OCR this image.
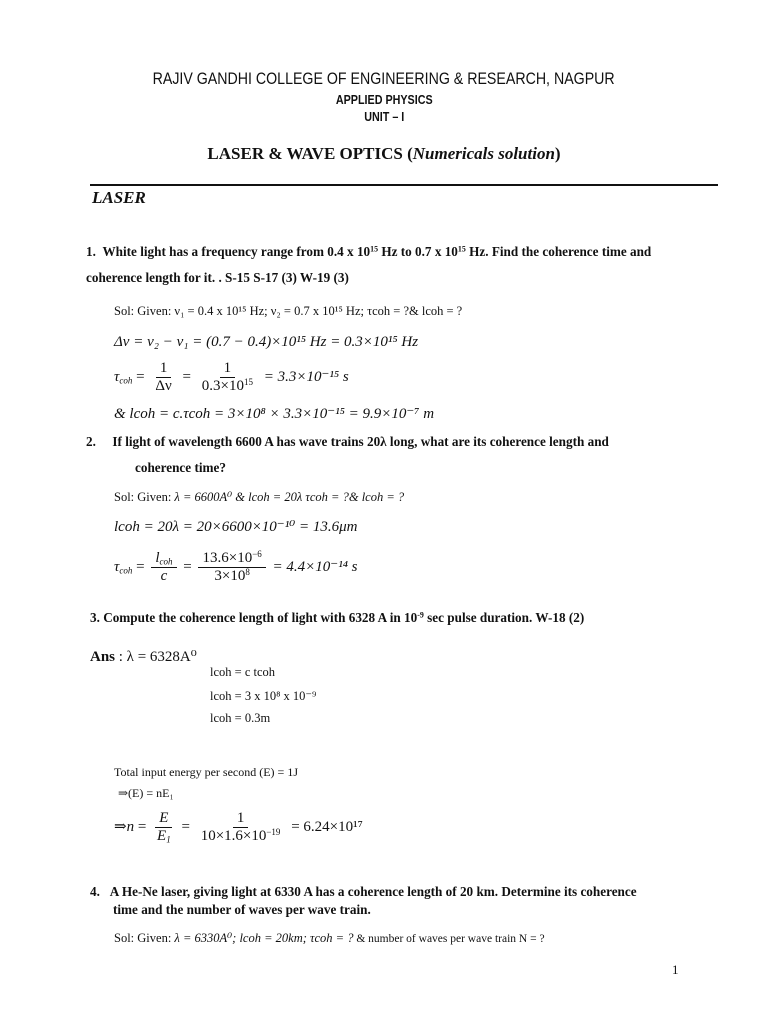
RAJIV GANDHI COLLEGE OF ENGINEERING & RESEARCH, NAGPUR
APPLIED PHYSICS
UNIT – I
LASER & WAVE OPTICS (Numericals solution)
LASER
1. White light has a frequency range from 0.4 x $10^{15}$ Hz to 0.7 x $10^{15}$ Hz. Find the coherence time and
coherence length for it. . S-15 S-17 (3) W-19 (3)
Sol: Given: ν₁ = 0.4 x 10¹⁵ Hz; ν₂ = 0.7 x 10¹⁵ Hz; τcoh = ?& lcoh = ?
Δν = ν₂ − ν₁ = (0.7 − 0.4)×10¹⁵ Hz = 0.3×10¹⁵ Hz
$\tau_{coh} = \frac{1}{\Delta\nu} = \frac{1}{0.3\times 10^{15}} = 3.3\times 10^{-15}$ s
& lcoh = c.τcoh = 3×10⁸ × 3.3×10⁻¹⁵ = 9.9×10⁻⁷ m
2. If light of wavelength 6600 A has wave trains 20λ long, what are its coherence length and
coherence time?
Sol: Given: λ = 6600A⁰ & lcoh = 20λ τcoh = ?& lcoh = ?
lcoh = 20λ = 20×6600×10⁻¹⁰ = 13.6μm
$\tau_{coh} = \frac{l_{coh}}{c} = \frac{13.6\times 10^{-6}}{3\times 10^8} = 4.4\times 10^{-14}$ s
3. Compute the coherence length of light with 6328 A in $10^{-9}$ sec pulse duration. W-18 (2)
Ans : λ = 6328A⁰
lcoh = c tcoh
lcoh = 3 x 10⁸ x 10⁻⁹
lcoh = 0.3m
Total input energy per second (E) = 1J
⇒(E) = nE₁
⇒n = $\frac{E}{E_1} = \frac{1}{10\times 1.6\times 10^{-19}} = 6.24\times 10^{17}$
4. A He-Ne laser, giving light at 6330 A has a coherence length of 20 km. Determine its coherence
time and the number of waves per wave train.
Sol: Given: λ = 6330A⁰; lcoh = 20km; τcoh = ? & number of waves per wave train N = ?
1
